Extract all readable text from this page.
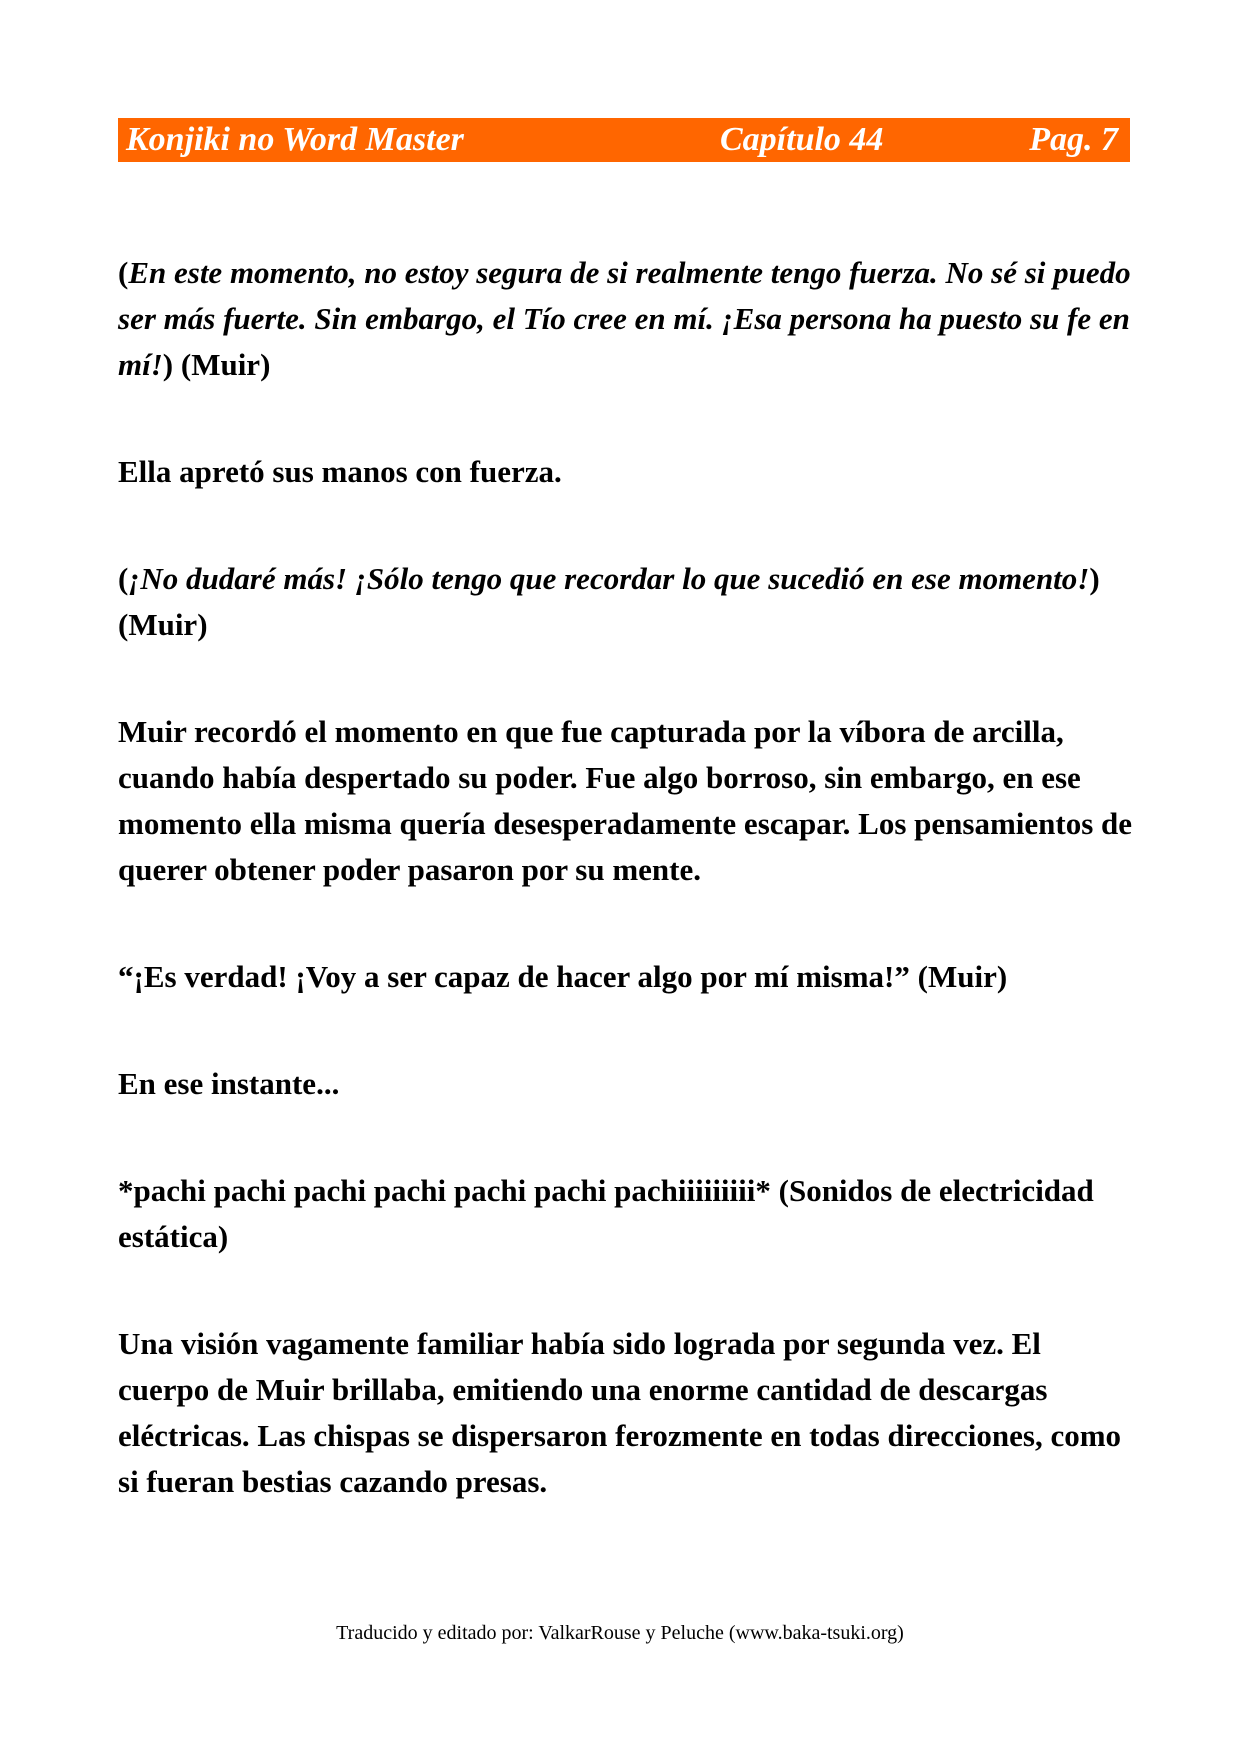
Konjiki no Word Master	Capítulo 44	Pag. 7

(En este momento, no estoy segura de si realmente tengo fuerza. No sé si puedo ser más fuerte. Sin embargo, el Tío cree en mí. ¡Esa persona ha puesto su fe en mí!) (Muir)

Ella apretó sus manos con fuerza.

(¡No dudaré más! ¡Sólo tengo que recordar lo que sucedió en ese momento!) (Muir)

Muir recordó el momento en que fue capturada por la víbora de arcilla, cuando había despertado su poder. Fue algo borroso, sin embargo, en ese momento ella misma quería desesperadamente escapar. Los pensamientos de querer obtener poder pasaron por su mente.

“¡Es verdad! ¡Voy a ser capaz de hacer algo por mí misma!” (Muir)

En ese instante...

*pachi pachi pachi pachi pachi pachi pachiiiiiiiii* (Sonidos de electricidad estática)

Una visión vagamente familiar había sido lograda por segunda vez. El cuerpo de Muir brillaba, emitiendo una enorme cantidad de descargas eléctricas. Las chispas se dispersaron ferozmente en todas direcciones, como si fueran bestias cazando presas.

Traducido y editado por: ValkarRouse y Peluche (www.baka-tsuki.org)
